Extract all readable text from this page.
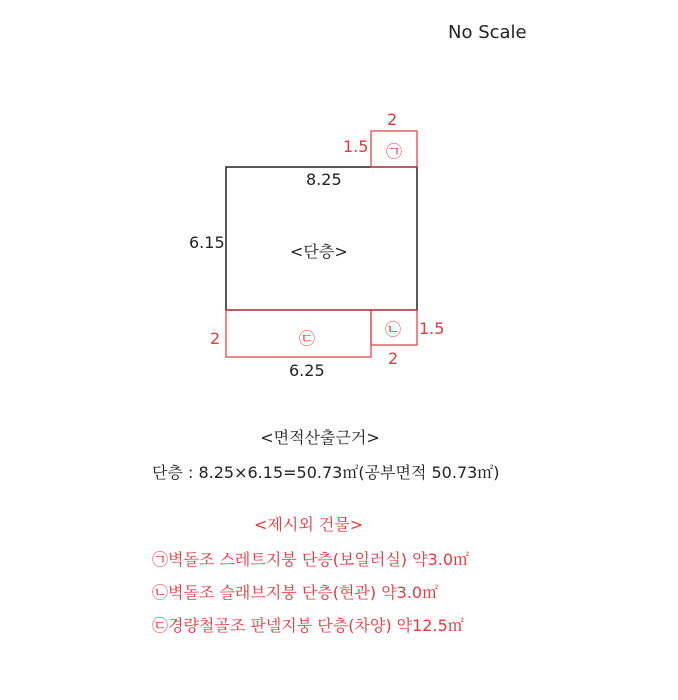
No Scale
8.25
6.15	<단층>
2
1.5 ㉠
㉡ 1.5
2
㉢
2
6.25
<면적산출근거>
단층 : 8.25×6.15=50.73㎡(공부면적 50.73㎡)
<제시외 건물>
㉠벽돌조 스레트지붕 단층(보일러실) 약3.0㎡
㉡벽돌조 슬래브지붕 단층(현관) 약3.0㎡
㉢경량철골조 판넬지붕 단층(차양) 약12.5㎡
